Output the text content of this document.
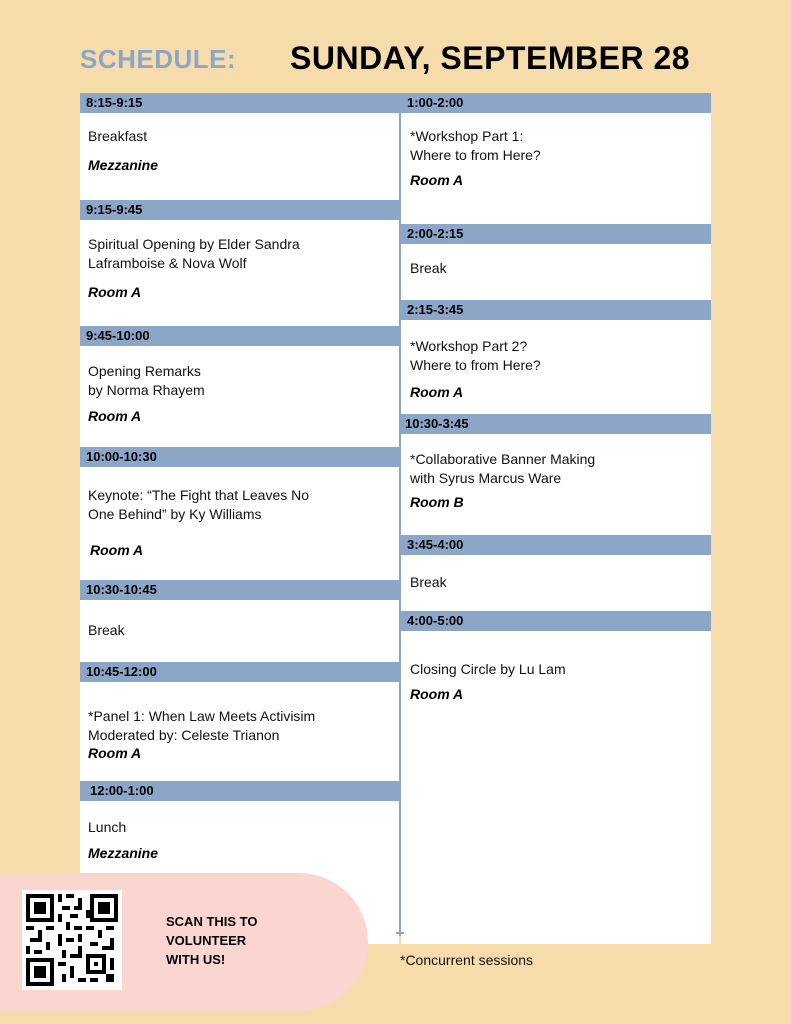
SCHEDULE: SUNDAY, SEPTEMBER 28
8:15-9:15
Breakfast
Mezzanine
9:15-9:45
Spiritual Opening by Elder Sandra
Laframboise & Nova Wolf
Room A
9:45-10:00
Opening Remarks
by Norma Rhayem
Room A
10:00-10:30
Keynote: “The Fight that Leaves No
One Behind” by Ky Williams
Room A
10:30-10:45
Break
10:45-12:00
*Panel 1: When Law Meets Activisim
Moderated by: Celeste Trianon
Room A
12:00-1:00
Lunch
Mezzanine
1:00-2:00
*Workshop Part 1:
Where to from Here?
Room A
2:00-2:15
Break
2:15-3:45
*Workshop Part 2?
Where to from Here?
Room A
10:30-3:45
*Collaborative Banner Making
with Syrus Marcus Ware
Room B
3:45-4:00
Break
4:00-5:00
Closing Circle by Lu Lam
Room A
SCAN THIS TO
VOLUNTEER
WITH US!	*Concurrent sessions
